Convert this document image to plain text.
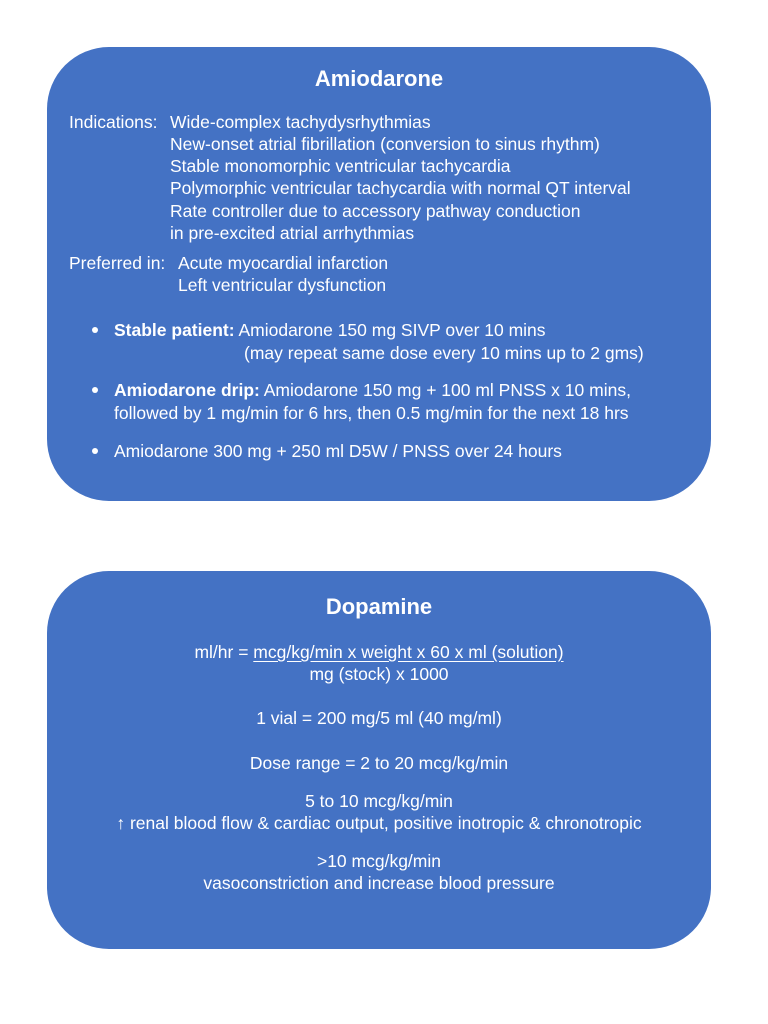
Amiodarone
Indications: Wide-complex tachydysrhythmias
New-onset atrial fibrillation (conversion to sinus rhythm)
Stable monomorphic ventricular tachycardia
Polymorphic ventricular tachycardia with normal QT interval
Rate controller due to accessory pathway conduction
in pre-excited atrial arrhythmias
Preferred in: Acute myocardial infarction
Left ventricular dysfunction
Stable patient: Amiodarone 150 mg SIVP over 10 mins
(may repeat same dose every 10 mins up to 2 gms)
Amiodarone drip: Amiodarone 150 mg + 100 ml PNSS x 10 mins,
followed by 1 mg/min for 6 hrs, then 0.5 mg/min for the next 18 hrs
Amiodarone 300 mg + 250 ml D5W / PNSS over 24 hours
Dopamine
ml/hr = mcg/kg/min x weight x 60 x ml (solution)
mg (stock) x 1000
1 vial = 200 mg/5 ml (40 mg/ml)
Dose range = 2 to 20 mcg/kg/min
5 to 10 mcg/kg/min
↑ renal blood flow & cardiac output, positive inotropic & chronotropic
>10 mcg/kg/min
vasoconstriction and increase blood pressure
